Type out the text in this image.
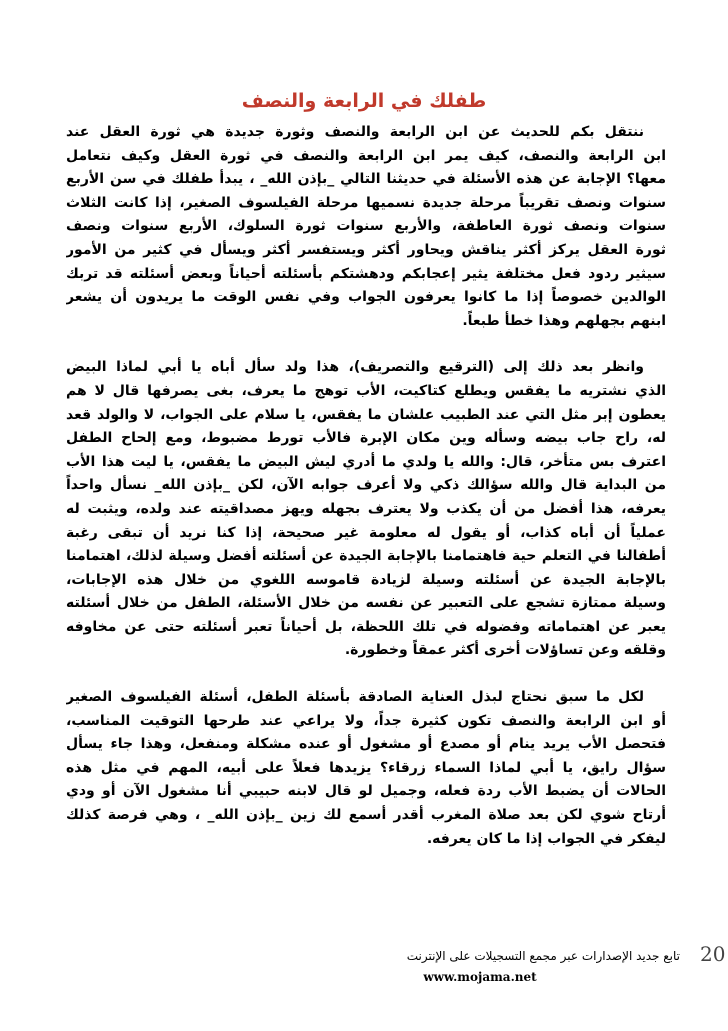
طفلك في الرابعة والنصف
ننتقل بكم للحديث عن ابن الرابعة والنصف وثورة جديدة هي ثورة العقل عند
ابن الرابعة والنصف، كيف يمر ابن الرابعة والنصف في ثورة العقل وكيف نتعامل
معها؟ الإجابة عن هذه الأسئلة في حديثنا التالي _بإذن الله_ ، يبدأ طفلك في سن الأربع
سنوات ونصف تقريباً مرحلة جديدة نسميها مرحلة الفيلسوف الصغير، إذا كانت الثلاث
سنوات ونصف ثورة العاطفة، والأربع سنوات ثورة السلوك، الأربع سنوات ونصف
ثورة العقل يركز أكثر يناقش ويحاور أكثر ويستفسر أكثر ويسأل في كثير من الأمور
سيثير ردود فعل مختلفة يثير إعجابكم ودهشتكم بأسئلته أحياناً وبعض أسئلته قد تربك
الوالدين خصوصاً إذا ما كانوا يعرفون الجواب وفي نفس الوقت ما يريدون أن يشعر
ابنهم بجهلهم وهذا خطأ طبعاً.
وانظر بعد ذلك إلى (الترقيع والتصريف)، هذا ولد سأل أباه يا أبي لماذا البيض
الذي نشتريه ما يفقس ويطلع كتاكيت، الأب توهج ما يعرف، بغى يصرفها قال لا هم
يعطون إبر مثل التي عند الطبيب علشان ما يفقس، يا سلام على الجواب، لا والولد قعد
له، راح جاب بيضه وسأله وين مكان الإبرة فالأب تورط مضبوط، ومع إلحاح الطفل
اعترف بس متأخر، قال: والله يا ولدي ما أدري ليش البيض ما يفقس، يا ليت هذا الأب
من البداية قال والله سؤالك ذكي ولا أعرف جوابه الآن، لكن _بإذن الله_ نسأل واحداً
يعرفه، هذا أفضل من أن يكذب ولا يعترف بجهله ويهز مصداقيته عند ولده، ويثبت له
عملياً أن أباه كذاب، أو يقول له معلومة غير صحيحة، إذا كنا نريد أن تبقى رغبة
أطفالنا في التعلم حية فاهتمامنا بالإجابة الجيدة عن أسئلته أفضل وسيلة لذلك، اهتمامنا
بالإجابة الجيدة عن أسئلته وسيلة لزيادة قاموسه اللغوي من خلال هذه الإجابات،
وسيلة ممتازة تشجع على التعبير عن نفسه من خلال الأسئلة، الطفل من خلال أسئلته
يعبر عن اهتماماته وفضوله في تلك اللحظة، بل أحياناً تعبر أسئلته حتى عن مخاوفه
وقلقه وعن تساؤلات أخرى أكثر عمقاً وخطورة.
لكل ما سبق نحتاج لبذل العناية الصادقة بأسئلة الطفل، أسئلة الفيلسوف الصغير
أو ابن الرابعة والنصف تكون كثيرة جداً، ولا يراعي عند طرحها التوقيت المناسب،
فتحصل الأب يريد ينام أو مصدع أو مشغول أو عنده مشكلة ومنفعل، وهذا جاء يسأل
سؤال رايق، يا أبي لماذا السماء زرقاء؟ يزيدها فعلاً على أبيه، المهم في مثل هذه
الحالات أن يضبط الأب ردة فعله، وجميل لو قال لابنه حبيبي أنا مشغول الآن أو ودي
أرتاح شوي لكن بعد صلاة المغرب أقدر أسمع لك زين _بإذن الله_ ، وهي فرصة كذلك
ليفكر في الجواب إذا ما كان يعرفه.
تابع جديد الإصدارات عبر مجمع التسجيلات على الإنترنت
www.mojama.net
20
